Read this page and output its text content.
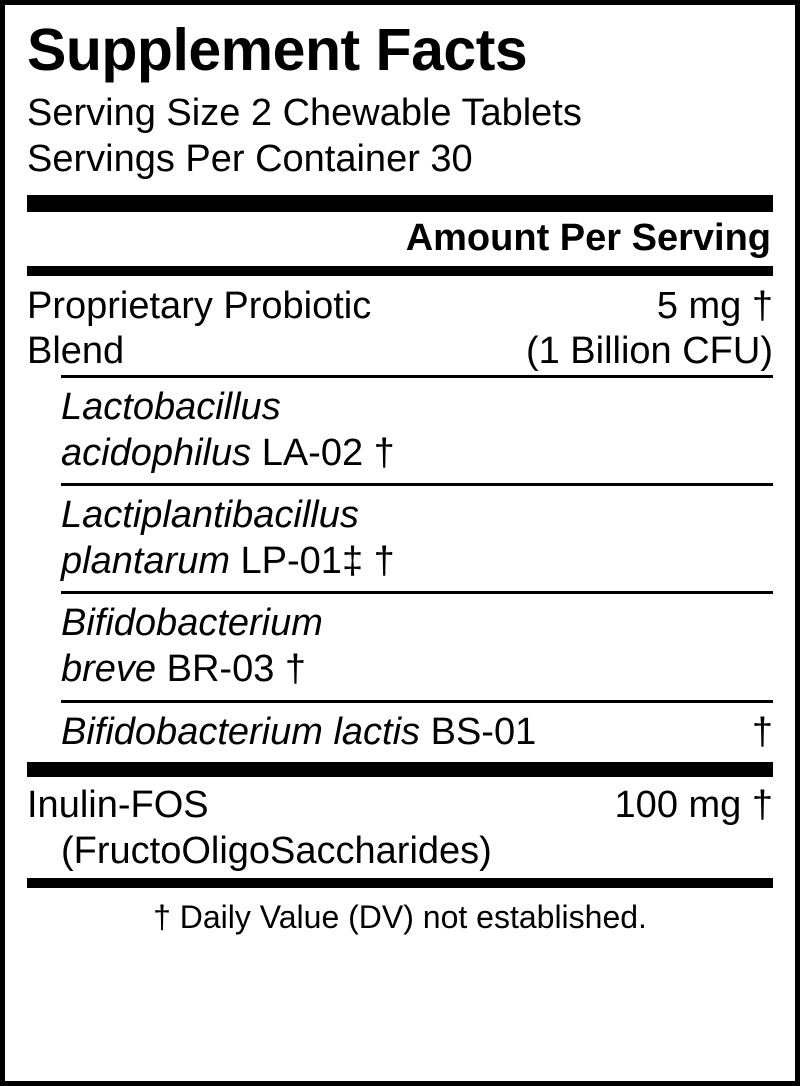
Supplement Facts
Serving Size 2 Chewable Tablets
Servings Per Container 30
Amount Per Serving
Proprietary Probiotic	5 mg †
Blend	(1 Billion CFU)
Lactobacillus
acidophilus LA-02 †
Lactiplantibacillus
plantarum LP-01‡ †
Bifidobacterium
breve BR-03 †
Bifidobacterium lactis BS-01	†
Inulin-FOS	100 mg †
(FructoOligoSaccharides)
† Daily Value (DV) not established.
